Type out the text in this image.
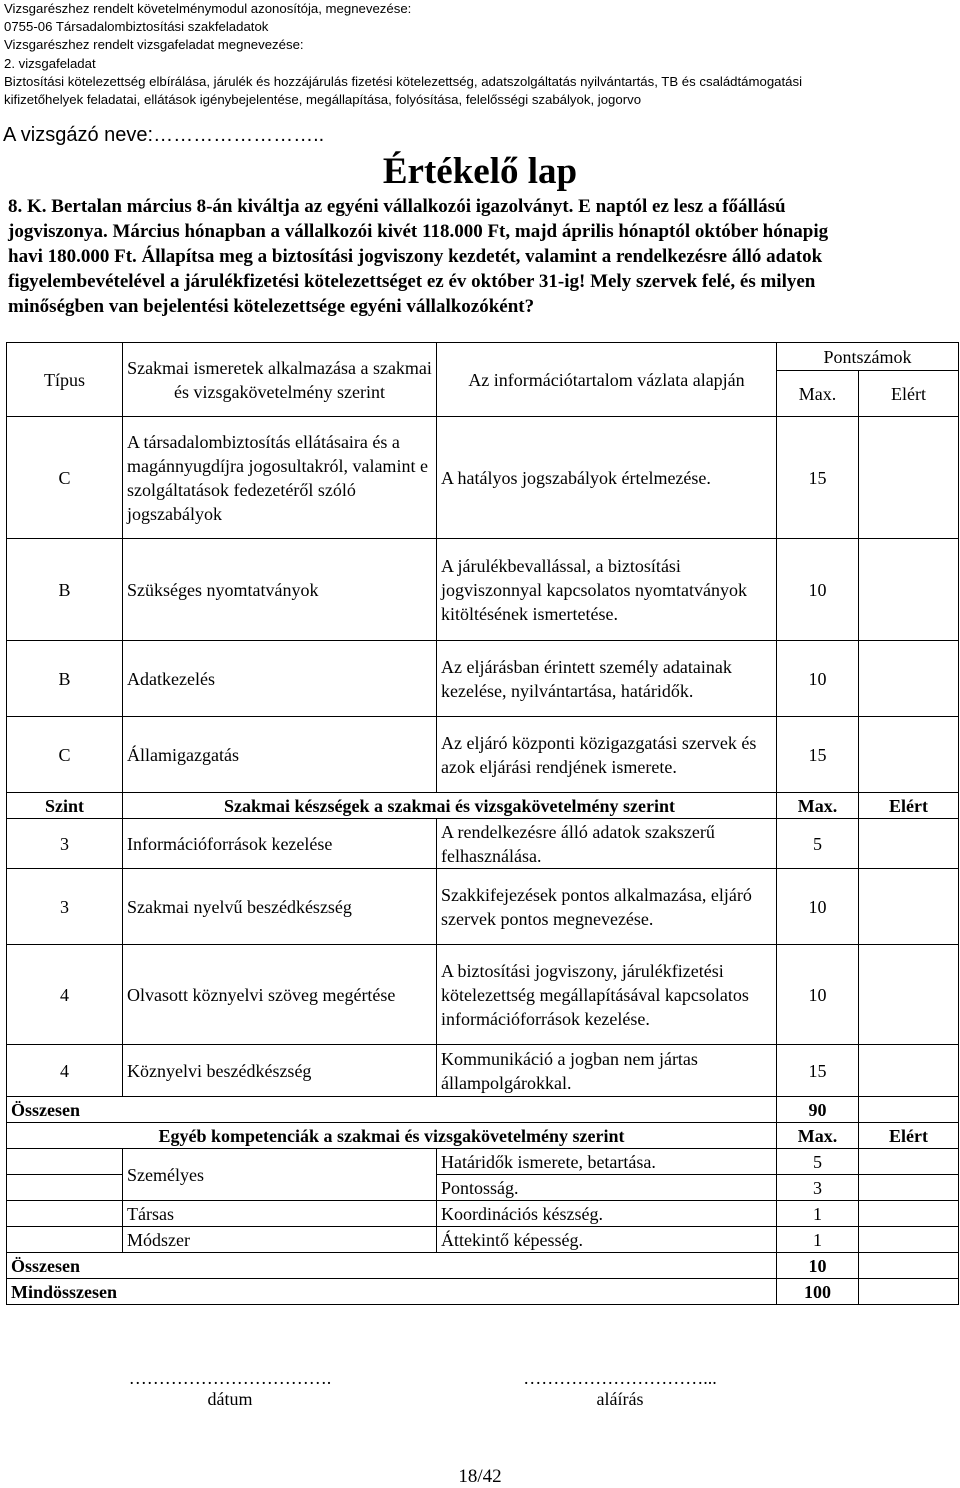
Vizsgarészhez rendelt követelménymodul azonosítója, megnevezése:
0755-06 Társadalombiztosítási szakfeladatok
Vizsgarészhez rendelt vizsgafeladat megnevezése:
2. vizsgafeladat
Biztosítási kötelezettség elbírálása, járulék és hozzájárulás fizetési kötelezettség, adatszolgáltatás nyilvántartás, TB és családtámogatási
kifizetőhelyek feladatai, ellátások igénybejelentése, megállapítása, folyósítása, felelősségi szabályok, jogorvo
A vizsgázó neve:……………………..
Értékelő lap
8. K. Bertalan március 8-án kiváltja az egyéni vállalkozói igazolványt. E naptól ez lesz a főállású
jogviszonya. Március hónapban a vállalkozói kivét 118.000 Ft, majd április hónaptól október hónapig
havi 180.000 Ft. Állapítsa meg a biztosítási jogviszony kezdetét, valamint a rendelkezésre álló adatok
figyelembevételével a járulékfizetési kötelezettséget ez év október 31-ig! Mely szervek felé, és milyen
minőségben van bejelentési kötelezettsége egyéni vállalkozóként?
Típus	Szakmai ismeretek alkalmazása a szakmai és vizsgakövetelmény szerint	Az információtartalom vázlata alapján	Pontszámok	
			Max.	Elért
C	A társadalombiztosítás ellátásaira és a magánnyugdíjra jogosultakról, valamint e szolgáltatások fedezetéről szóló jogszabályok	A hatályos jogszabályok értelmezése.	15	
B	Szükséges nyomtatványok	A járulékbevallással, a biztosítási jogviszonnyal kapcsolatos nyomtatványok kitöltésének ismertetése.	10	
B	Adatkezelés	Az eljárásban érintett személy adatainak kezelése, nyilvántartása, határidők.	10	
C	Államigazgatás	Az eljáró központi közigazgatási szervek és azok eljárási rendjének ismerete.	15	
Szint	Szakmai készségek a szakmai és vizsgakövetelmény szerint		Max.	Elért
3	Információforrások kezelése	A rendelkezésre álló adatok szakszerű felhasználása.	5	
3	Szakmai nyelvű beszédkészség	Szakkifejezések pontos alkalmazása, eljáró szervek pontos megnevezése.	10	
4	Olvasott köznyelvi szöveg megértése	A biztosítási jogviszony, járulékfizetési kötelezettség megállapításával kapcsolatos információforrások kezelése.	10	
4	Köznyelvi beszédkészség	Kommunikáció a jogban nem jártas állampolgárokkal.	15	
Összesen			90	
Egyéb kompetenciák a szakmai és vizsgakövetelmény szerint			Max.	Elért
	Személyes	Határidők ismerete, betartása.	5	
		Pontosság.	3	
	Társas	Koordinációs készség.	1	
	Módszer	Áttekintő képesség.	1	
Összesen			10	
Mindösszesen			100	
…………………………….
dátum
…………………………...
aláírás
18/42
